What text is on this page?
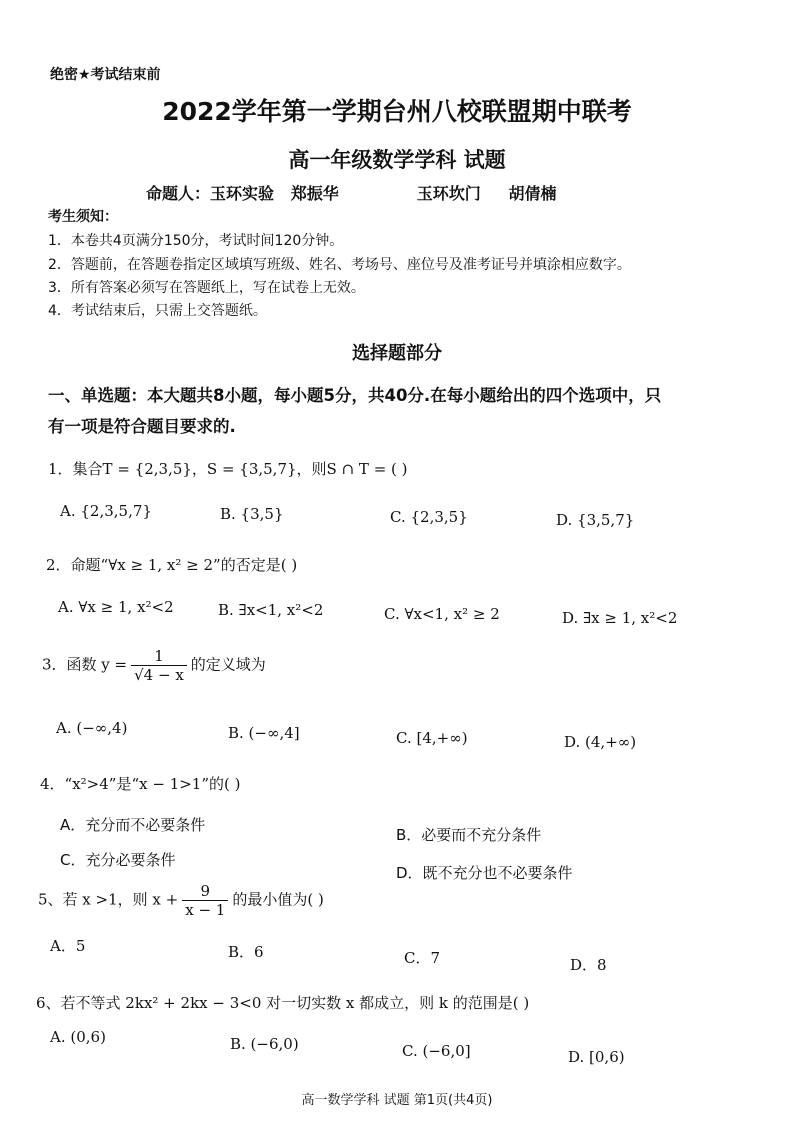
绝密★考试结束前
2022学年第一学期台州八校联盟期中联考
高一年级数学学科 试题
命题人：玉环实验   郑振华              玉环坎门     胡倩楠
考生须知：
1．本卷共4页满分150分，考试时间120分钟。
2．答题前，在答题卷指定区域填写班级、姓名、考场号、座位号及准考证号并填涂相应数字。
3．所有答案必须写在答题纸上，写在试卷上无效。
4．考试结束后，只需上交答题纸。
选择题部分
一、单选题：本大题共8小题，每小题5分，共40分.在每小题给出的四个选项中，只
有一项是符合题目要求的.
1．集合T = {2,3,5}，S = {3,5,7}，则S ∩ T = ( )
A. {2,3,5,7}	B. {3,5}	C. {2,3,5}	D. {3,5,7}
2．命题“∀x ≥ 1, x² ≥ 2”的否定是( )
A. ∀x ≥ 1, x²<2	B. ∃x<1, x²<2	C. ∀x<1, x² ≥ 2	D. ∃x ≥ 1, x²<2
3．函数 $y = \frac{1}{√4 - x}$ 的定义域为
A. (−∞,4)	B. (−∞,4]	C. [4,+∞)	D. (4,+∞)
4．“x²>4”是“x − 1>1”的( )
A．充分而不必要条件
B．必要而不充分条件
C．充分必要条件
D．既不充分也不必要条件
5、若 x >1，则 $x + \frac{9}{x - 1}$ 的最小值为( )
A．5	B．6	C．7	D．8
6、若不等式 2kx² + 2kx − 3<0 对一切实数 x 都成立，则 k 的范围是( )
A. (0,6)	B. (−6,0)	C. (−6,0]	D. [0,6)
高一数学学科 试题 第1页(共4页)
